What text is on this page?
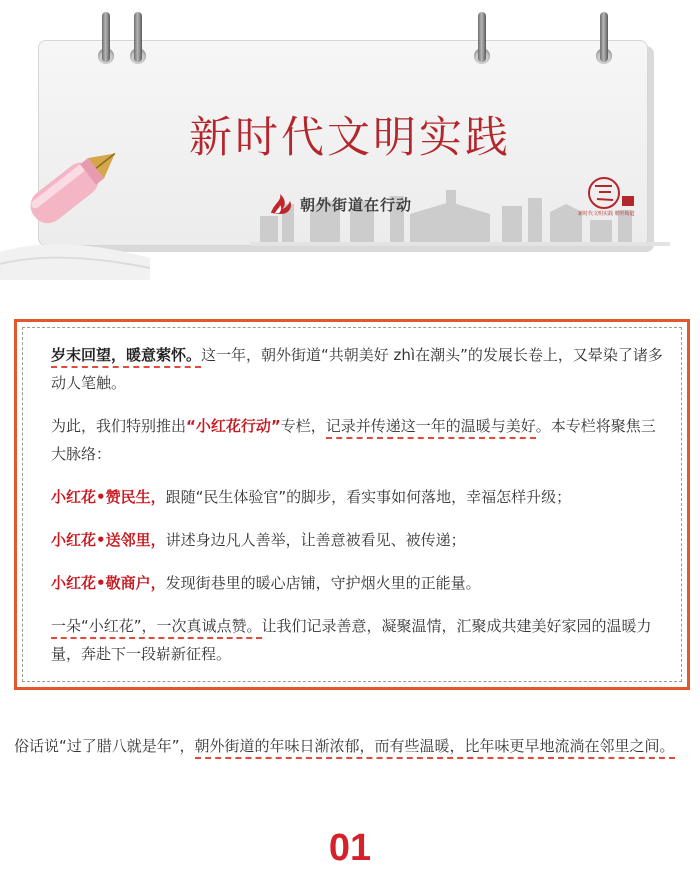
新时代文明实践
朝外街道在行动
新时代文明实践 朝外街道

岁末回望，暖意萦怀。这一年，朝外街道“共朝美好 zhì在潮头”的发展长卷上，又晕染了诸多动人笔触。

为此，我们特别推出“小红花行动”专栏，记录并传递这一年的温暖与美好。本专栏将聚焦三大脉络：

小红花•赞民生，跟随“民生体验官”的脚步，看实事如何落地，幸福怎样升级；

小红花•送邻里，讲述身边凡人善举，让善意被看见、被传递；

小红花•敬商户，发现街巷里的暖心店铺，守护烟火里的正能量。

一朵“小红花”，一次真诚点赞。让我们记录善意，凝聚温情，汇聚成共建美好家园的温暖力量，奔赴下一段崭新征程。

俗话说“过了腊八就是年”，朝外街道的年味日渐浓郁，而有些温暖，比年味更早地流淌在邻里之间。

01
